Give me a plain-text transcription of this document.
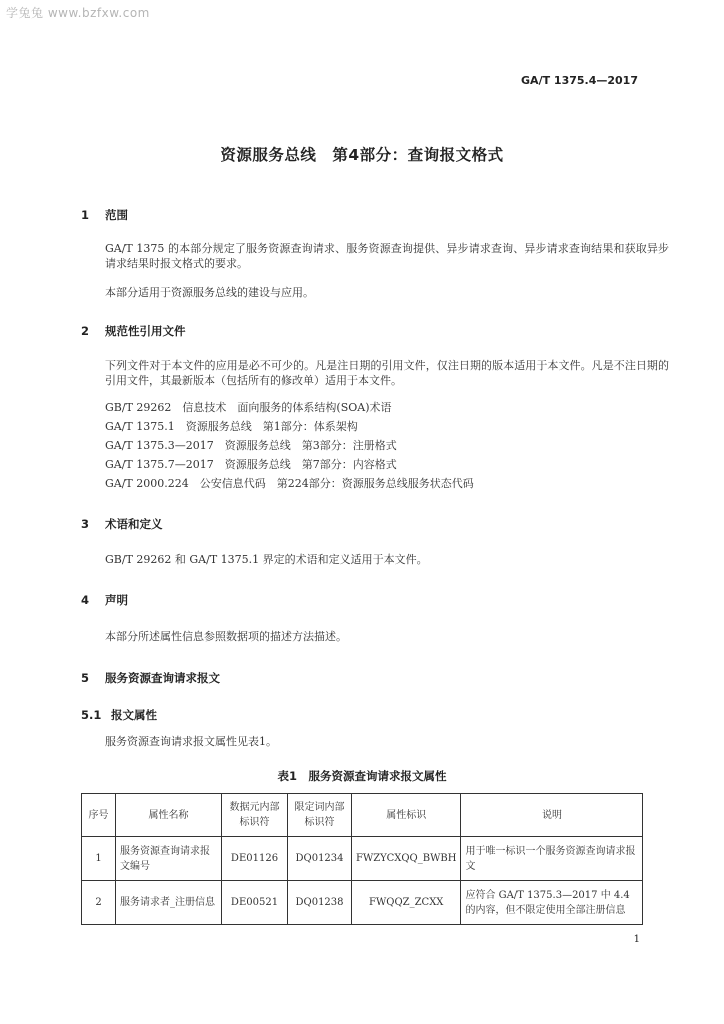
学兔兔 www.bzfxw.com
GA/T 1375.4—2017
资源服务总线　第4部分：查询报文格式
1 范围
GA/T 1375 的本部分规定了服务资源查询请求、服务资源查询提供、异步请求查询、异步请求查询结果和获取异步请求结果时报文格式的要求。
本部分适用于资源服务总线的建设与应用。
2 规范性引用文件
下列文件对于本文件的应用是必不可少的。凡是注日期的引用文件，仅注日期的版本适用于本文件。凡是不注日期的引用文件，其最新版本（包括所有的修改单）适用于本文件。
GB/T 29262　信息技术　面向服务的体系结构(SOA)术语
GA/T 1375.1　资源服务总线　第1部分：体系架构
GA/T 1375.3—2017　资源服务总线　第3部分：注册格式
GA/T 1375.7—2017　资源服务总线　第7部分：内容格式
GA/T 2000.224　公安信息代码　第224部分：资源服务总线服务状态代码
3 术语和定义
GB/T 29262 和 GA/T 1375.1 界定的术语和定义适用于本文件。
4 声明
本部分所述属性信息参照数据项的描述方法描述。
5 服务资源查询请求报文
5.1 报文属性
服务资源查询请求报文属性见表1。
表1　服务资源查询请求报文属性
序号	属性名称	数据元内部标识符	限定词内部标识符	属性标识	说明
1	服务资源查询请求报文编号	DE01126	DQ01234	FWZYCXQQ_BWBH	用于唯一标识一个服务资源查询请求报文
2	服务请求者_注册信息	DE00521	DQ01238	FWQQZ_ZCXX	应符合 GA/T 1375.3—2017 中 4.4 的内容，但不限定使用全部注册信息
1
